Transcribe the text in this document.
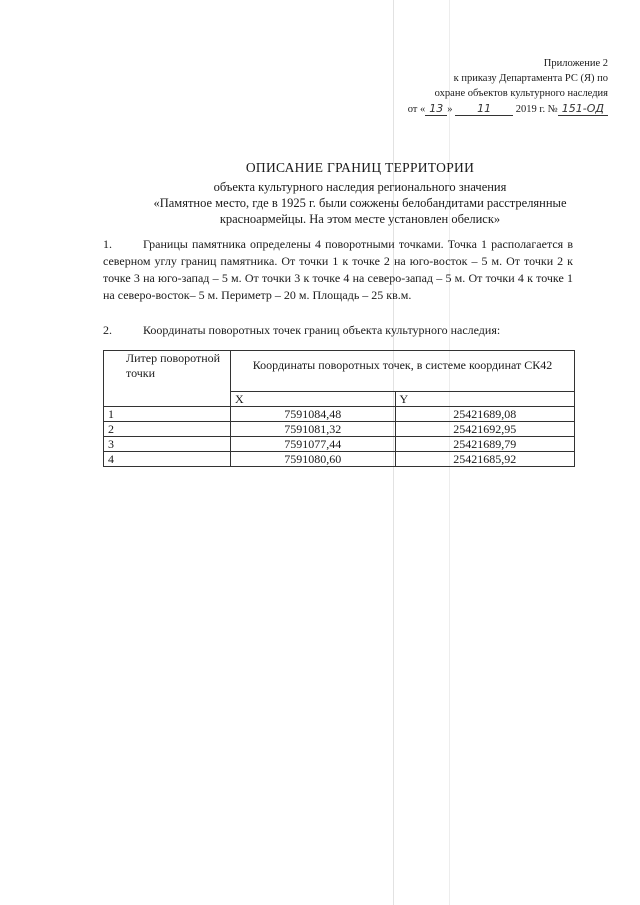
Приложение 2
к приказу Департамента РС (Я) по
охране объектов культурного наследия
от « 13 » 11 2019 г. № 151-ОД
ОПИСАНИЕ ГРАНИЦ ТЕРРИТОРИИ
объекта культурного наследия регионального значения
«Памятное место, где в 1925 г. были сожжены белобандитами расстрелянные
красноармейцы. На этом месте установлен обелиск»
1.	Границы памятника определены 4 поворотными точками. Точка 1 располагается в северном углу границ памятника. От точки 1 к точке 2 на юго-восток – 5 м. От точки 2 к точке 3 на юго-запад – 5 м. От точки 3 к точке 4 на северо-запад – 5 м. От точки 4 к точке 1 на северо-восток– 5 м. Периметр – 20 м. Площадь – 25 кв.м.
2.	Координаты поворотных точек границ объекта культурного наследия:
Литер поворотной точки	Координаты поворотных точек, в системе координат СК42	
	X	Y
1	7591084,48	25421689,08
2	7591081,32	25421692,95
3	7591077,44	25421689,79
4	7591080,60	25421685,92
